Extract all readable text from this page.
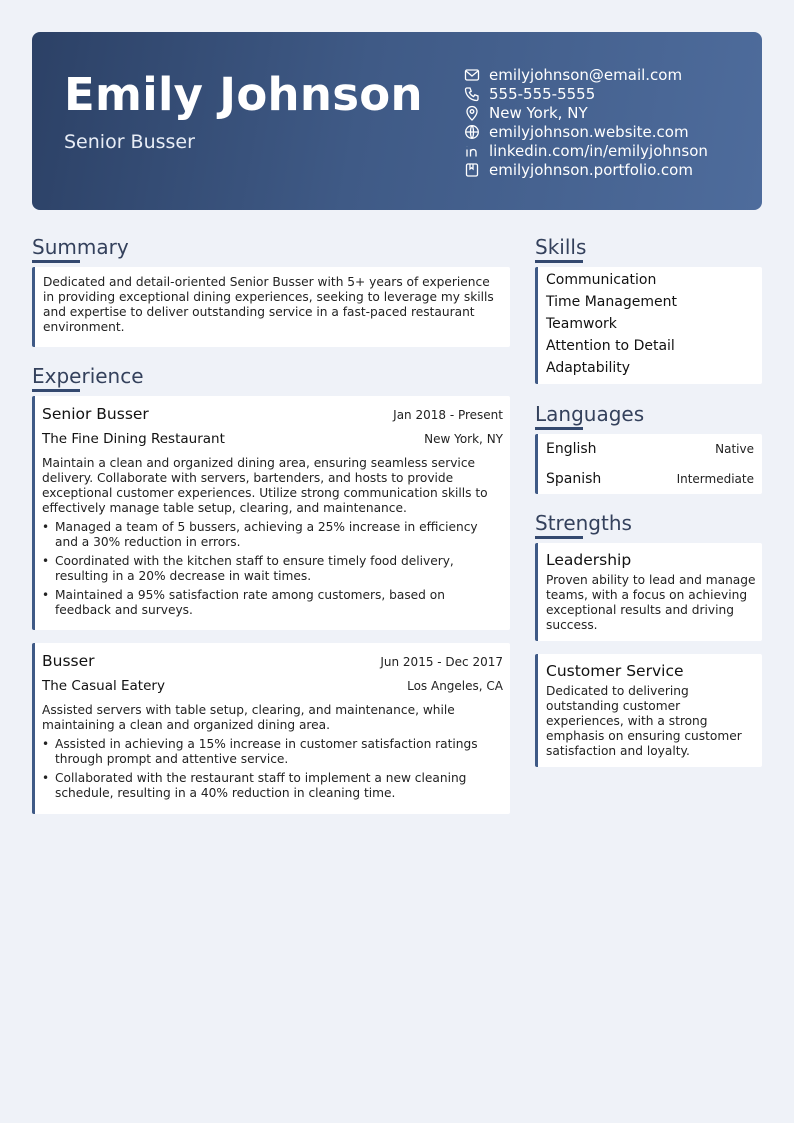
Emily Johnson
Senior Busser
emilyjohnson@email.com
555-555-5555
New York, NY
emilyjohnson.website.com
linkedin.com/in/emilyjohnson
emilyjohnson.portfolio.com
Summary
Dedicated and detail-oriented Senior Busser with 5+ years of experience in providing exceptional dining experiences, seeking to leverage my skills and expertise to deliver outstanding service in a fast-paced restaurant environment.
Experience
Senior Busser	Jan 2018 - Present
The Fine Dining Restaurant	New York, NY
Maintain a clean and organized dining area, ensuring seamless service delivery. Collaborate with servers, bartenders, and hosts to provide exceptional customer experiences. Utilize strong communication skills to effectively manage table setup, clearing, and maintenance.
• Managed a team of 5 bussers, achieving a 25% increase in efficiency and a 30% reduction in errors.
• Coordinated with the kitchen staff to ensure timely food delivery, resulting in a 20% decrease in wait times.
• Maintained a 95% satisfaction rate among customers, based on feedback and surveys.
Busser	Jun 2015 - Dec 2017
The Casual Eatery	Los Angeles, CA
Assisted servers with table setup, clearing, and maintenance, while maintaining a clean and organized dining area.
• Assisted in achieving a 15% increase in customer satisfaction ratings through prompt and attentive service.
• Collaborated with the restaurant staff to implement a new cleaning schedule, resulting in a 40% reduction in cleaning time.
Skills
Communication
Time Management
Teamwork
Attention to Detail
Adaptability
Languages
English	Native
Spanish	Intermediate
Strengths
Leadership
Proven ability to lead and manage teams, with a focus on achieving exceptional results and driving success.
Customer Service
Dedicated to delivering outstanding customer experiences, with a strong emphasis on ensuring customer satisfaction and loyalty.
